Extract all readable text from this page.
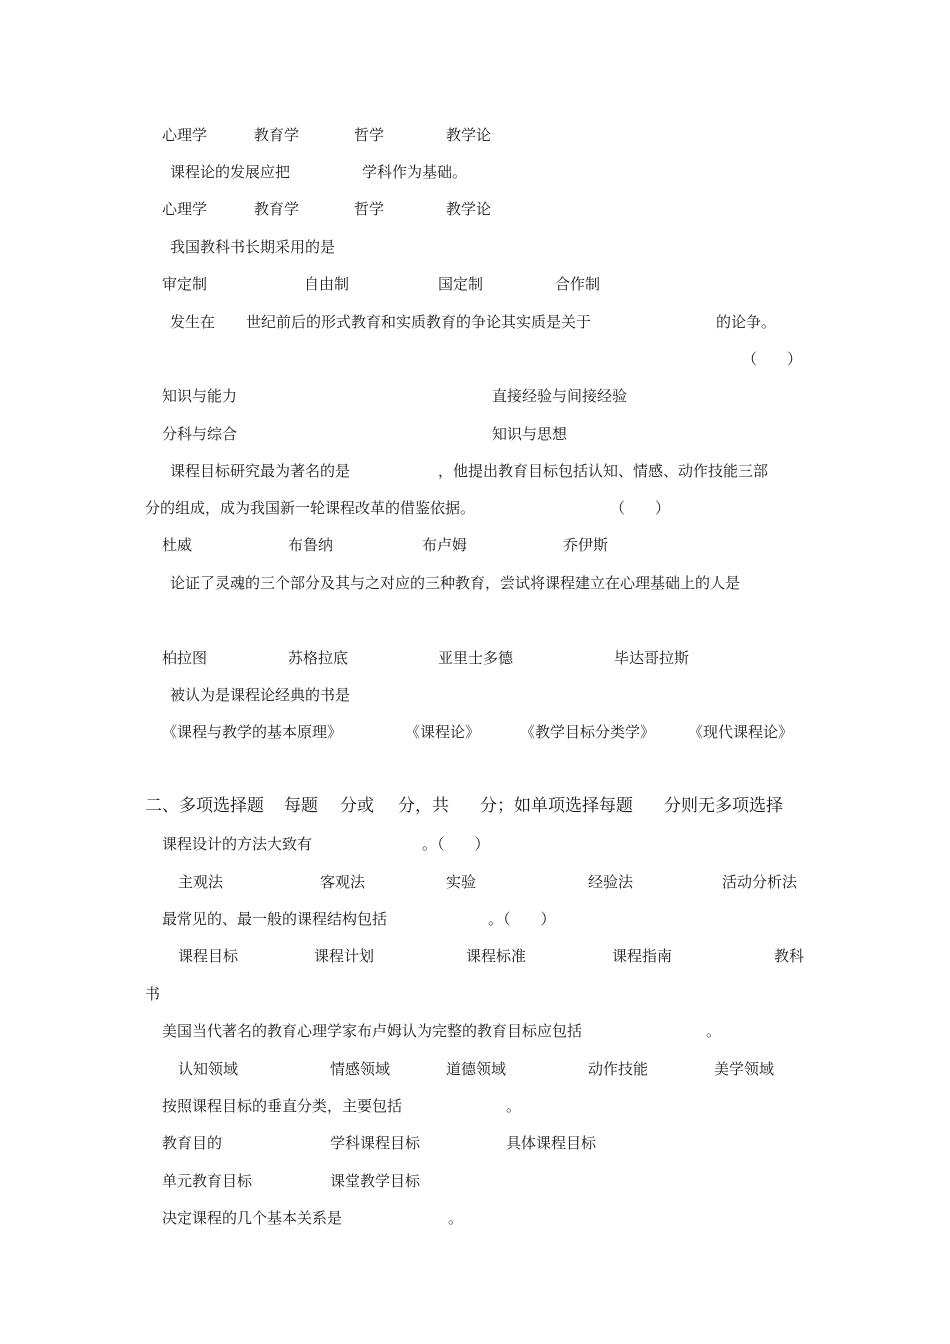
心理学	教育学	哲学	教学论
课程论的发展应把	学科作为基础。
心理学	教育学	哲学	教学论
我国教科书长期采用的是
审定制	自由制	国定制	合作制
发生在 世纪前后的形式教育和实质教育的争论其实质是关于	的论争。
（　　）
知识与能力	直接经验与间接经验
分科与综合	知识与思想
课程目标研究最为著名的是	，他提出教育目标包括认知、情感、动作技能三部
分的组成，成为我国新一轮课程改革的借鉴依据。	（　　）
杜威	布鲁纳	布卢姆	乔伊斯
论证了灵魂的三个部分及其与之对应的三种教育，尝试将课程建立在心理基础上的人是
柏拉图	苏格拉底	亚里士多德	毕达哥拉斯
被认为是课程论经典的书是
《课程与教学的基本原理》	《课程论》	《教学目标分类学》 《现代课程论》
课程设计的方法大致有	。（　　）
主观法	客观法	实验	经验法	活动分析法
最常见的、最一般的课程结构包括	。（　　）
课程目标	课程计划	课程标准	课程指南	教科
书
美国当代著名的教育心理学家布卢姆认为完整的教育目标应包括	。
认知领域	情感领域	道德领域	动作技能	美学领域
按照课程目标的垂直分类，主要包括	。
教育目的	学科课程目标	具体课程目标
单元教育目标	课堂教学目标
决定课程的几个基本关系是	。
二、多项选择题 每题 分或 分，共 分；如单项选择每题 分则无多项选择
